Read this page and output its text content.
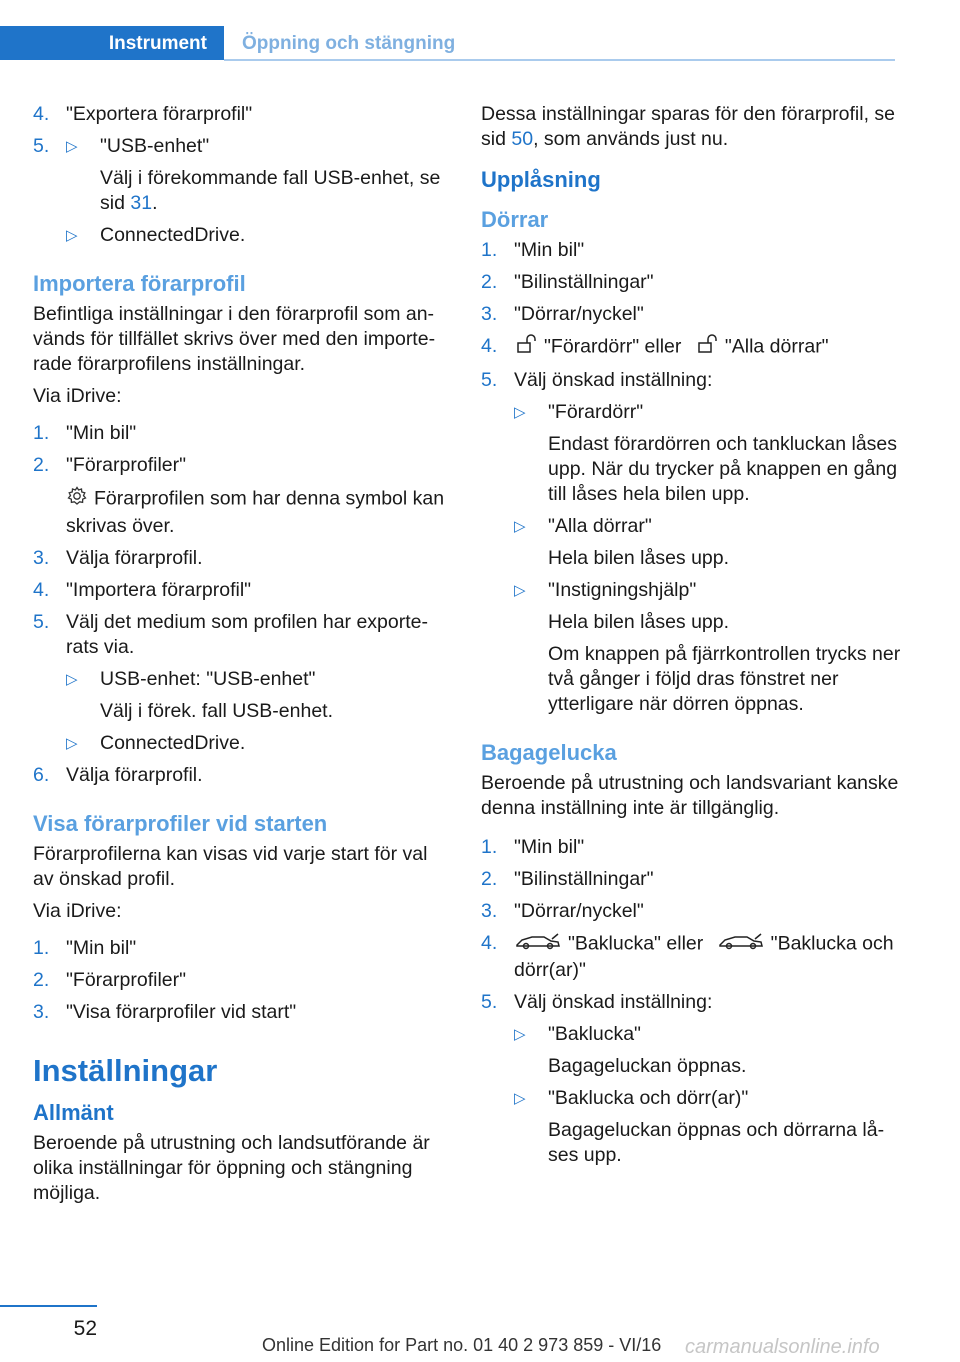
Instrument	Öppning och stängning
4. "Exportera förarprofil"
5.	▷	"USB-enhet"
Välj i förekommande fall USB-enhet, se sid 31.
▷	ConnectedDrive.
Importera förarprofil
Befintliga inställningar i den förarprofil som används för tillfället skrivs över med den importerade förarprofilens inställningar.
Via iDrive:
1. "Min bil"
2. "Förarprofiler"
Förarprofilen som har denna symbol kan skrivas över.
3. Välja förarprofil.
4. "Importera förarprofil"
5. Välj det medium som profilen har exporterats via.
▷	USB-enhet: "USB-enhet"
Välj i förek. fall USB-enhet.
▷	ConnectedDrive.
6. Välja förarprofil.
Visa förarprofiler vid starten
Förarprofilerna kan visas vid varje start för val av önskad profil.
Via iDrive:
1. "Min bil"
2. "Förarprofiler"
3. "Visa förarprofiler vid start"
Inställningar
Allmänt
Beroende på utrustning och landsutförande är olika inställningar för öppning och stängning möjliga.
Dessa inställningar sparas för den förarprofil, se sid 50, som används just nu.
Upplåsning
Dörrar
1. "Min bil"
2. "Bilinställningar"
3. "Dörrar/nyckel"
4.	"Förardörr" eller "Alla dörrar"
5. Välj önskad inställning:
▷	"Förardörr"
Endast förardörren och tankluckan låses upp. När du trycker på knappen en gång till låses hela bilen upp.
▷	"Alla dörrar"
Hela bilen låses upp.
▷	"Instigningshjälp"
Hela bilen låses upp.
Om knappen på fjärrkontrollen trycks ner två gånger i följd dras fönstret ner ytterligare när dörren öppnas.
Bagagelucka
Beroende på utrustning och landsvariant kanske denna inställning inte är tillgänglig.
1. "Min bil"
2. "Bilinställningar"
3. "Dörrar/nyckel"
4.	"Baklucka" eller	"Baklucka och dörr(ar)"
5. Välj önskad inställning:
▷	"Baklucka"
Bagageluckan öppnas.
▷	"Baklucka och dörr(ar)"
Bagageluckan öppnas och dörrarna låses upp.
52
Online Edition for Part no. 01 40 2 973 859 - VI/16 carmanualsonline.info
